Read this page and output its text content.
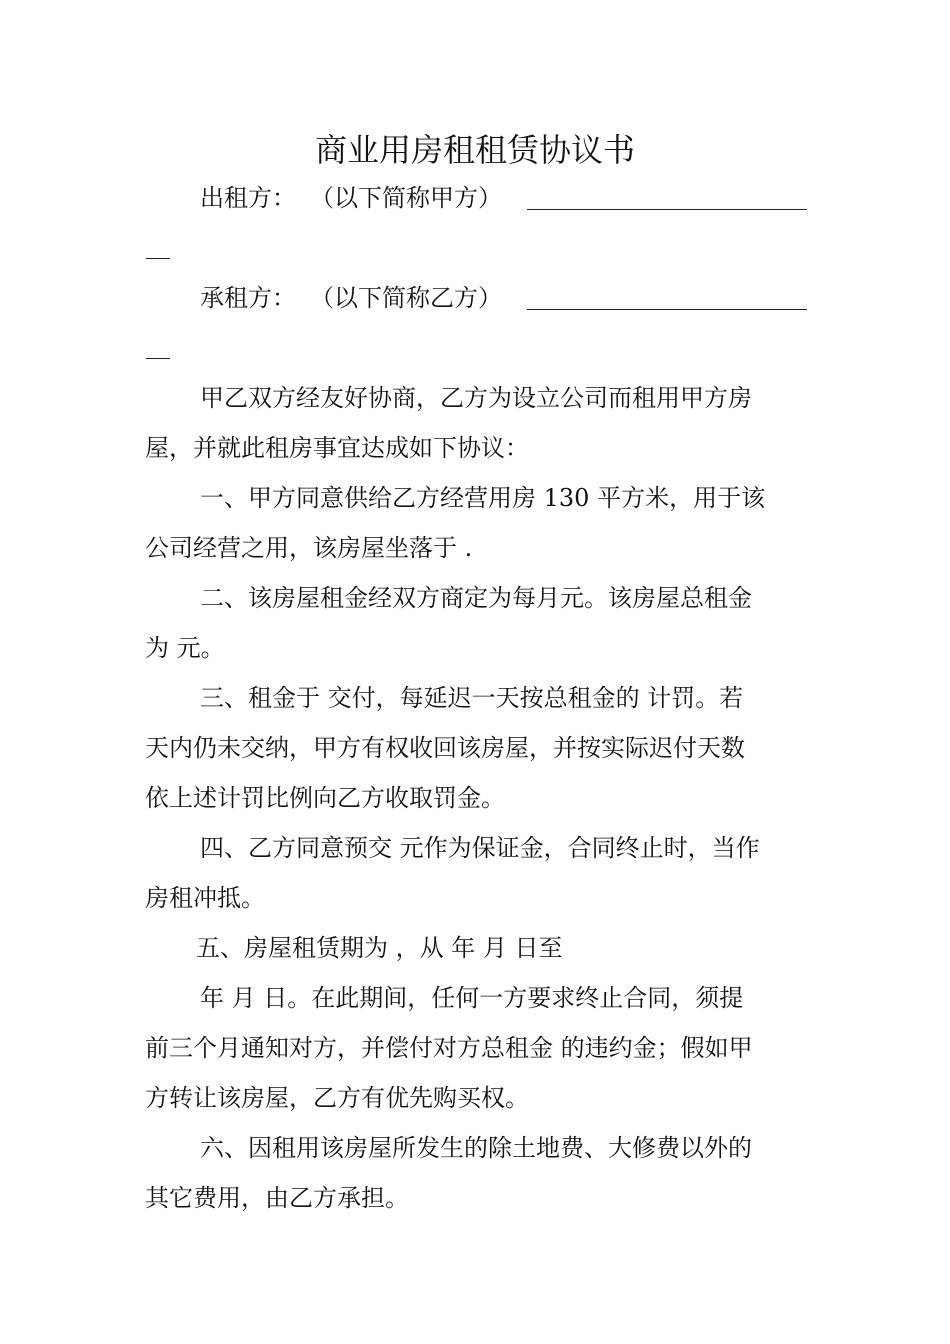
商业用房租租赁协议书

出租方： （以下简称甲方）

承租方： （以下简称乙方）

甲乙双方经友好协商，乙方为设立公司而租用甲方房

屋，并就此租房事宜达成如下协议：

一、甲方同意供给乙方经营用房 130 平方米，用于该

公司经营之用，该房屋坐落于 .

二、该房屋租金经双方商定为每月元。该房屋总租金

为 元。

三、租金于 交付，每延迟一天按总租金的 计罚。若

天内仍未交纳，甲方有权收回该房屋，并按实际迟付天数

依上述计罚比例向乙方收取罚金。

四、乙方同意预交 元作为保证金，合同终止时，当作

房租冲抵。

五、房屋租赁期为 ，从 年 月 日至

年 月 日。在此期间，任何一方要求终止合同，须提

前三个月通知对方，并偿付对方总租金 的违约金；假如甲

方转让该房屋，乙方有优先购买权。

六、因租用该房屋所发生的除土地费、大修费以外的

其它费用，由乙方承担。
